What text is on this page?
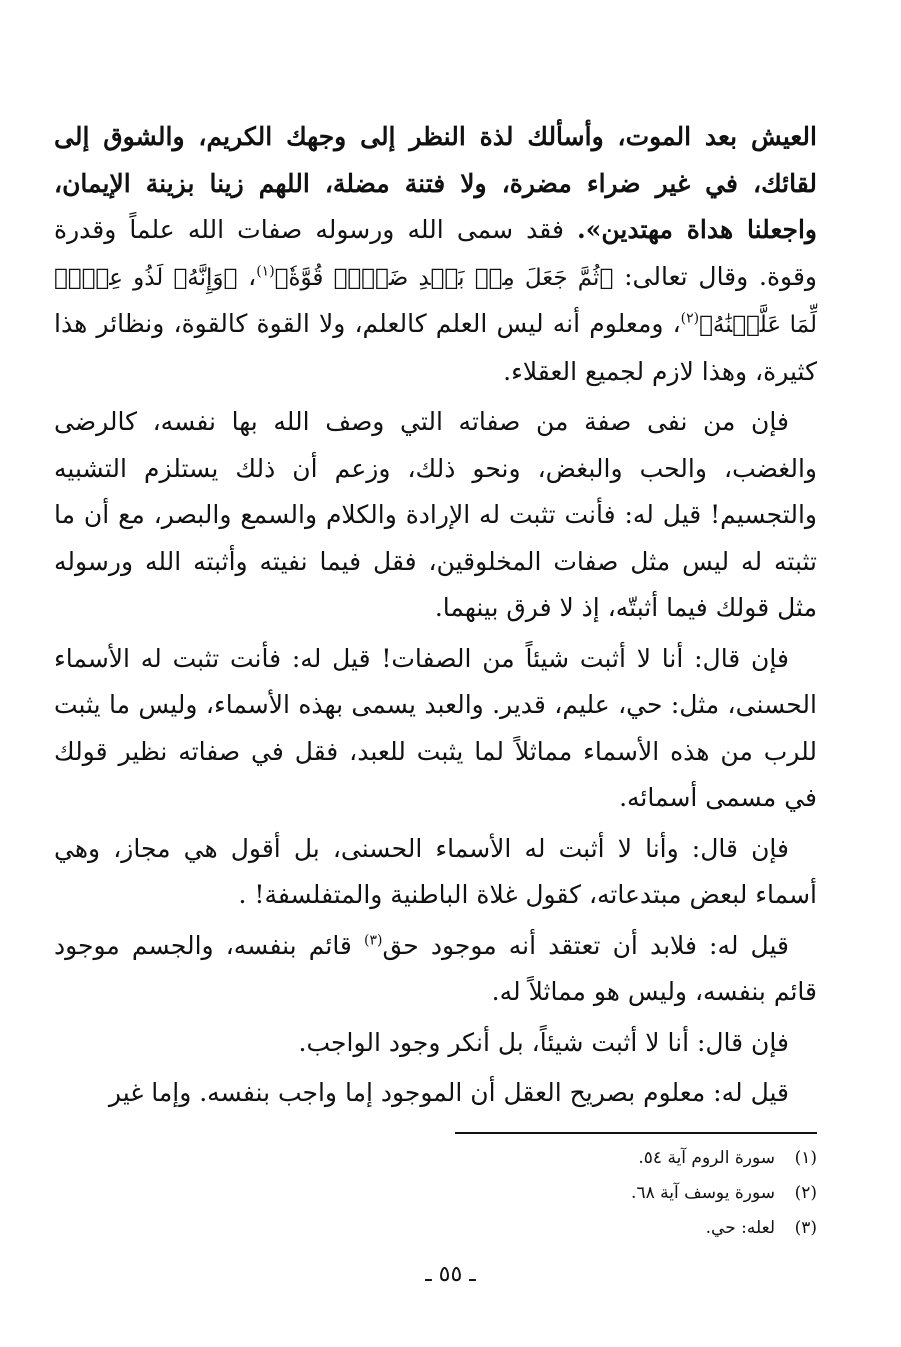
العيش بعد الموت، وأسألك لذة النظر إلى وجهك الكريم، والشوق إلى لقائك، في غير ضراء مضرة، ولا فتنة مضلة، اللهم زينا بزينة الإيمان، واجعلنا هداة مهتدين». فقد سمى الله ورسوله صفات الله علماً وقدرة وقوة. وقال تعالى: ﴿ثُمَّ جَعَلَ مِنۢ بَعۡدِ ضَعۡفٖ قُوَّةٗ﴾$^{(١)}$، ﴿وَإِنَّهُۥ لَذُو عِلۡمٖ لِّمَا عَلَّمۡنَٰهُ﴾$^{(٢)}$، ومعلوم أنه ليس العلم كالعلم، ولا القوة كالقوة، ونظائر هذا كثيرة، وهذا لازم لجميع العقلاء.

فإن من نفى صفة من صفاته التي وصف الله بها نفسه، كالرضى والغضب، والحب والبغض، ونحو ذلك، وزعم أن ذلك يستلزم التشبيه والتجسيم! قيل له: فأنت تثبت له الإرادة والكلام والسمع والبصر، مع أن ما تثبته له ليس مثل صفات المخلوقين، فقل فيما نفيته وأثبته الله ورسوله مثل قولك فيما أثبتّه، إذ لا فرق بينهما.

فإن قال: أنا لا أثبت شيئاً من الصفات! قيل له: فأنت تثبت له الأسماء الحسنى، مثل: حي، عليم، قدير. والعبد يسمى بهذه الأسماء، وليس ما يثبت للرب من هذه الأسماء مماثلاً لما يثبت للعبد، فقل في صفاته نظير قولك في مسمى أسمائه.

فإن قال: وأنا لا أثبت له الأسماء الحسنى، بل أقول هي مجاز، وهي أسماء لبعض مبتدعاته، كقول غلاة الباطنية والمتفلسفة! .

قيل له: فلابد أن تعتقد أنه موجود حق$^{(٣)}$ قائم بنفسه، والجسم موجود قائم بنفسه، وليس هو مماثلاً له.

فإن قال: أنا لا أثبت شيئاً، بل أنكر وجود الواجب.

قيل له: معلوم بصريح العقل أن الموجود إما واجب بنفسه. وإما غير

(١)
سورة الروم آية ٥٤.
(٢)
سورة يوسف آية ٦٨.
(٣)
لعله: حي.
ـ ٥٥ ـ
